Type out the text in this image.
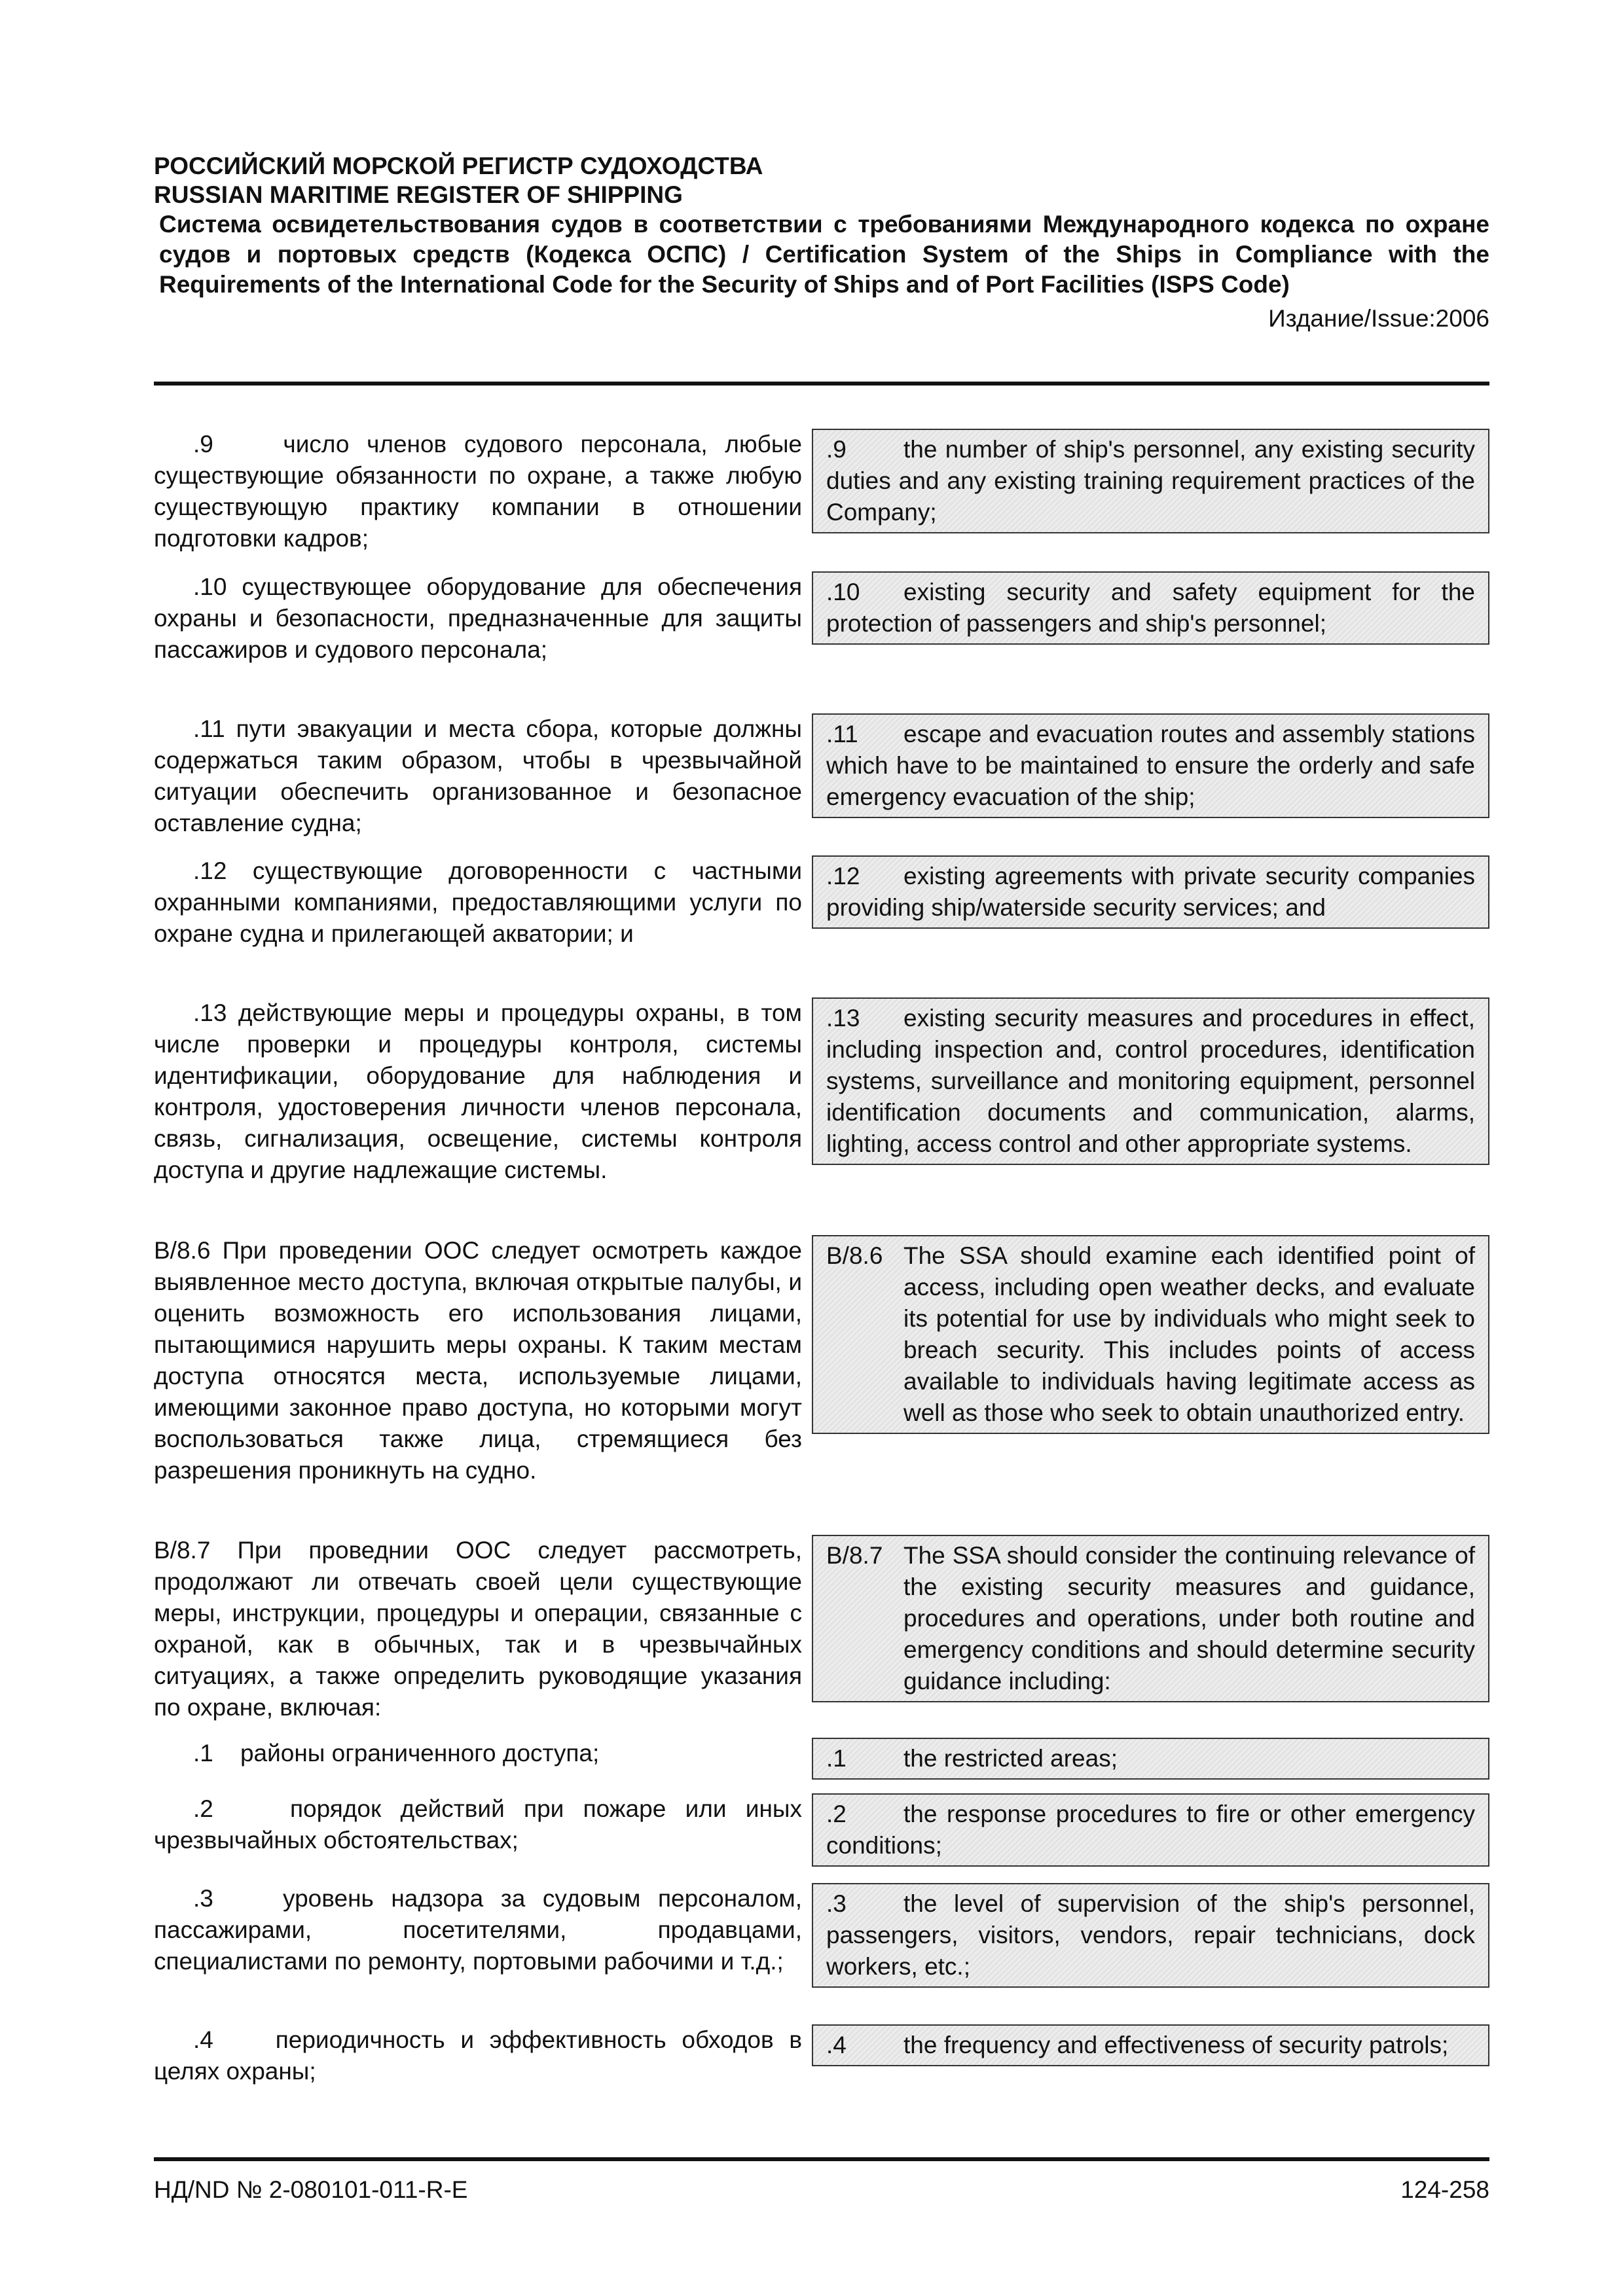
РОССИЙСКИЙ МОРСКОЙ РЕГИСТР СУДОХОДСТВА

RUSSIAN MARITIME REGISTER OF SHIPPING

Система освидетельствования судов в соответствии с требованиями Международного кодекса по охране судов и портовых средств (Кодекса ОСПС) / Certification System of the Ships in Compliance with the Requirements of the International Code for the Security of Ships and of Port Facilities (ISPS Code)

Издание/Issue:2006
.9    число членов судового персонала, любые существующие обязанности по охране, а также любую существующую практику компании в отношении подготовки кадров;
.9 the number of ship's personnel, any existing security duties and any existing training requirement practices of the Company;
.10 существующее оборудование для обеспечения охраны и безопасности, предназначенные для защиты пассажиров и судового персонала;
.10 existing security and safety equipment for the protection of passengers and ship's personnel;
.11 пути эвакуации и места сбора, которые должны содержаться таким образом, чтобы в чрезвычайной ситуации обеспечить организованное и безопасное оставление судна;
.11 escape and evacuation routes and assembly stations which have to be maintained to ensure the orderly and safe emergency evacuation of the ship;
.12 существующие договоренности с частными охранными компаниями, предоставляющими услуги по охране судна и прилегающей акватории; и
.12 existing agreements with private security companies providing ship/waterside security services; and
.13 действующие меры и процедуры охраны, в том числе проверки и процедуры контроля, системы идентификации, оборудование для наблюдения и контроля, удостоверения личности членов персонала, связь, сигнализация, освещение, системы контроля доступа и другие надлежащие системы.
.13 existing security measures and procedures in effect, including inspection and, control procedures, identification systems, surveillance and monitoring equipment, personnel identification documents and communication, alarms, lighting, access control and other appropriate systems.
В/8.6 При проведении ООС следует осмотреть каждое выявленное место доступа, включая открытые палубы, и оценить возможность его использования лицами, пытающимися нарушить меры охраны. К таким местам доступа относятся места, используемые лицами, имеющими законное право доступа, но которыми могут воспользоваться также лица, стремящиеся без разрешения проникнуть на судно.
B/8.6 The SSA should examine each identified point of access, including open weather decks, and evaluate its potential for use by individuals who might seek to breach security. This includes points of access available to individuals having legitimate access as well as those who seek to obtain unauthorized entry.
В/8.7 При проведнии ООС следует рассмотреть, продолжают ли отвечать своей цели существующие меры, инструкции, процедуры и операции, связанные с охраной, как в обычных, так и в чрезвычайных ситуациях, а также определить руководящие указания по охране, включая:
B/8.7 The SSA should consider the continuing relevance of the existing security measures and guidance, procedures and operations, under both routine and emergency conditions and should determine security guidance including:
.1    районы ограниченного доступа;	.1 the restricted areas;
.2    порядок действий при пожаре или иных чрезвычайных обстоятельствах;
.2 the response procedures to fire or other emergency conditions;
.3    уровень надзора за судовым персоналом, пассажирами, посетителями, продавцами, специалистами по ремонту, портовыми рабочими и т.д.;
.3 the level of supervision of the ship's personnel, passengers, visitors, vendors, repair technicians, dock workers, etc.;
.4    периодичность и эффективность обходов в целях охраны;
.4 the frequency and effectiveness of security patrols;
НД/ND № 2-080101-011-R-E	124-258
